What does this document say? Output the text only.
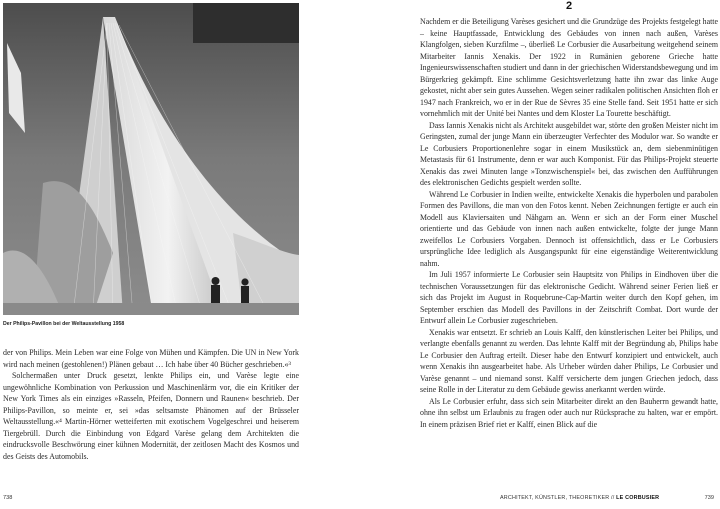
Der Philips-Pavillon bei der Weltausstellung 1958

der von Philips. Mein Leben war eine Folge von Mühen und Kämpfen. Die UN in New York wird nach meinen (gestohlenen!) Plänen gebaut … Ich habe über 40 Bücher geschrieben.«³

Solchermaßen unter Druck gesetzt, lenkte Philips ein, und Varèse legte eine ungewöhnliche Kombination von Perkussion und Maschinenlärm vor, die ein Kritiker der New York Times als ein einziges »Rasseln, Pfeifen, Donnern und Raunen« beschrieb. Der Philips-Pavillon, so meinte er, sei »das seltsamste Phänomen auf der Brüsseler Weltausstellung.«⁴ Martin-Hörner wetteiferten mit exotischem Vogelgeschrei und heiserem Tiergebrüll. Durch die Einbindung von Edgard Varèse gelang dem Architekten die eindrucksvolle Beschwörung einer kühnen Modernität, der zeitlosen Macht des Kosmos und des Geists des Automobils.

738
2

Nachdem er die Beteiligung Varèses gesichert und die Grundzüge des Projekts festgelegt hatte – keine Hauptfassade, Entwicklung des Gebäudes von innen nach außen, Varèses Klangfolgen, sieben Kurzfilme –, überließ Le Corbusier die Ausarbeitung weitgehend seinem Mitarbeiter Iannis Xenakis. Der 1922 in Rumänien geborene Grieche hatte Ingenieurswissenschaften studiert und dann in der griechischen Widerstandsbewegung und im Bürgerkrieg gekämpft. Eine schlimme Gesichtsverletzung hatte ihn zwar das linke Auge gekostet, nicht aber sein gutes Aussehen. Wegen seiner radikalen politischen Ansichten floh er 1947 nach Frankreich, wo er in der Rue de Sèvres 35 eine Stelle fand. Seit 1951 hatte er sich vornehmlich mit der Unité bei Nantes und dem Kloster La Tourette beschäftigt.

Dass Iannis Xenakis nicht als Architekt ausgebildet war, störte den großen Meister nicht im Geringsten, zumal der junge Mann ein überzeugter Verfechter des Modulor war. So wandte er Le Corbusiers Proportionenlehre sogar in einem Musikstück an, dem siebenminütigen Metastasis für 61 Instrumente, denn er war auch Komponist. Für das Philips-Projekt steuerte Xenakis das zwei Minuten lange »Tonzwischenspiel« bei, das zwischen den Aufführungen des elektronischen Gedichts gespielt werden sollte.

Während Le Corbusier in Indien weilte, entwickelte Xenakis die hyperbolen und parabolen Formen des Pavillons, die man von den Fotos kennt. Neben Zeichnungen fertigte er auch ein Modell aus Klaviersaiten und Nähgarn an. Wenn er sich an der Form einer Muschel orientierte und das Gebäude von innen nach außen entwickelte, folgte der junge Mann zweifellos Le Corbusiers Vorgaben. Dennoch ist offensichtlich, dass er Le Corbusiers ursprüngliche Idee lediglich als Ausgangspunkt für eine eigenständige Weiterentwicklung nahm.

Im Juli 1957 informierte Le Corbusier sein Hauptsitz von Philips in Eindhoven über die technischen Voraussetzungen für das elektronische Gedicht. Während seiner Ferien ließ er sich das Projekt im August in Roquebrune-Cap-Martin weiter durch den Kopf gehen, im September erschien das Modell des Pavillons in der Zeitschrift Combat. Dort wurde der Entwurf allein Le Corbusier zugeschrieben.

Xenakis war entsetzt. Er schrieb an Louis Kalff, den künstlerischen Leiter bei Philips, und verlangte ebenfalls genannt zu werden. Das lehnte Kalff mit der Begründung ab, Philips habe Le Corbusier den Auftrag erteilt. Dieser habe den Entwurf konzipiert und entwickelt, auch wenn Xenakis ihn ausgearbeitet habe. Als Urheber würden daher Philips, Le Corbusier und Varèse genannt – und niemand sonst. Kalff versicherte dem jungen Griechen jedoch, dass seine Rolle in der Literatur zu dem Gebäude gewiss anerkannt werden würde.

Als Le Corbusier erfuhr, dass sich sein Mitarbeiter direkt an den Bauherrn gewandt hatte, ohne ihn selbst um Erlaubnis zu fragen oder auch nur Rücksprache zu halten, war er empört. In einem präzisen Brief riet er Kalff, einen Blick auf die

ARCHITEKT, KÜNSTLER, THEORETIKER // LE CORBUSIER	739
